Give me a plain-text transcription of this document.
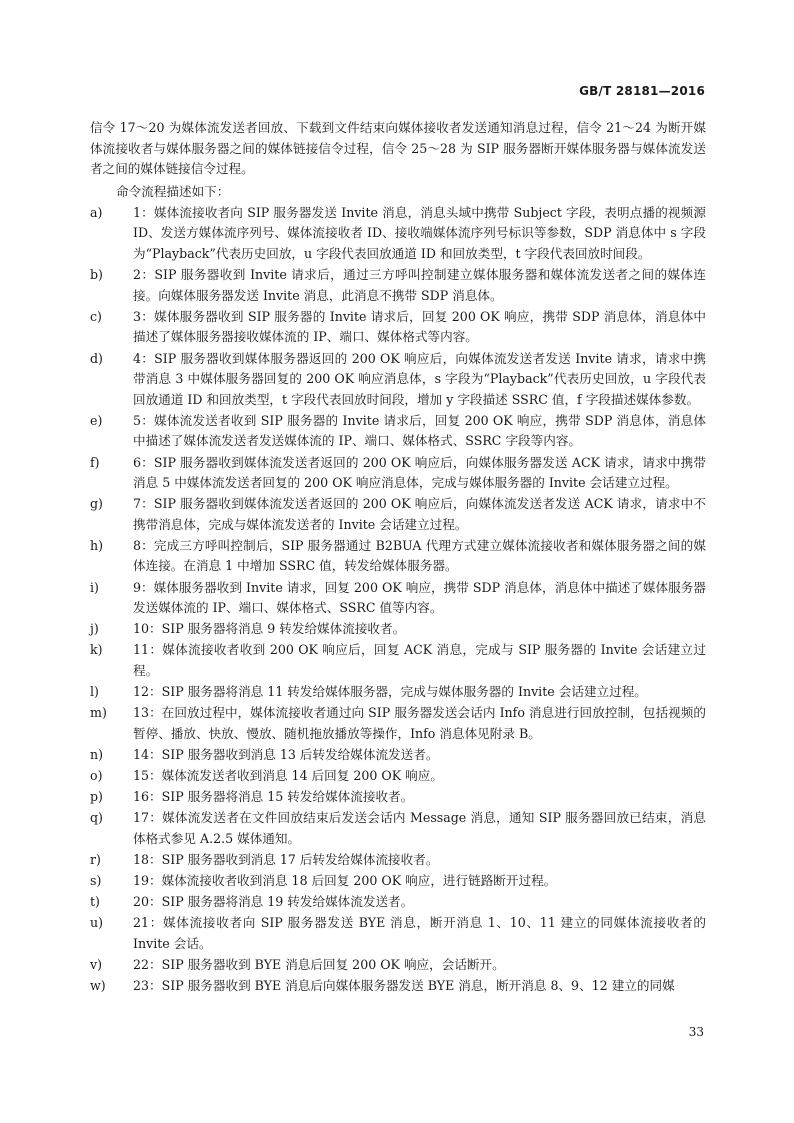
GB/T 28181—2016

信令 17～20 为媒体流发送者回放、下载到文件结束向媒体接收者发送通知消息过程，信令 21～24 为断开媒体流接收者与媒体服务器之间的媒体链接信令过程，信令 25～28 为 SIP 服务器断开媒体服务器与媒体流发送者之间的媒体链接信令过程。

命令流程描述如下：

a)	1：媒体流接收者向 SIP 服务器发送 Invite 消息，消息头域中携带 Subject 字段，表明点播的视频源 ID、发送方媒体流序列号、媒体流接收者 ID、接收端媒体流序列号标识等参数，SDP 消息体中 s 字段为“Playback”代表历史回放，u 字段代表回放通道 ID 和回放类型，t 字段代表回放时间段。
b)	2：SIP 服务器收到 Invite 请求后，通过三方呼叫控制建立媒体服务器和媒体流发送者之间的媒体连接。向媒体服务器发送 Invite 消息，此消息不携带 SDP 消息体。
c)	3：媒体服务器收到 SIP 服务器的 Invite 请求后，回复 200 OK 响应，携带 SDP 消息体，消息体中描述了媒体服务器接收媒体流的 IP、端口、媒体格式等内容。
d)	4：SIP 服务器收到媒体服务器返回的 200 OK 响应后，向媒体流发送者发送 Invite 请求，请求中携带消息 3 中媒体服务器回复的 200 OK 响应消息体，s 字段为“Playback”代表历史回放，u 字段代表回放通道 ID 和回放类型，t 字段代表回放时间段，增加 y 字段描述 SSRC 值，f 字段描述媒体参数。
e)	5：媒体流发送者收到 SIP 服务器的 Invite 请求后，回复 200 OK 响应，携带 SDP 消息体，消息体中描述了媒体流发送者发送媒体流的 IP、端口、媒体格式、SSRC 字段等内容。
f)	6：SIP 服务器收到媒体流发送者返回的 200 OK 响应后，向媒体服务器发送 ACK 请求，请求中携带消息 5 中媒体流发送者回复的 200 OK 响应消息体，完成与媒体服务器的 Invite 会话建立过程。
g)	7：SIP 服务器收到媒体流发送者返回的 200 OK 响应后，向媒体流发送者发送 ACK 请求，请求中不携带消息体，完成与媒体流发送者的 Invite 会话建立过程。
h)	8：完成三方呼叫控制后，SIP 服务器通过 B2BUA 代理方式建立媒体流接收者和媒体服务器之间的媒体连接。在消息 1 中增加 SSRC 值，转发给媒体服务器。
i)	9：媒体服务器收到 Invite 请求，回复 200 OK 响应，携带 SDP 消息体，消息体中描述了媒体服务器发送媒体流的 IP、端口、媒体格式、SSRC 值等内容。
j)	10：SIP 服务器将消息 9 转发给媒体流接收者。
k)	11：媒体流接收者收到 200 OK 响应后，回复 ACK 消息，完成与 SIP 服务器的 Invite 会话建立过程。
l)	12：SIP 服务器将消息 11 转发给媒体服务器，完成与媒体服务器的 Invite 会话建立过程。
m)	13：在回放过程中，媒体流接收者通过向 SIP 服务器发送会话内 Info 消息进行回放控制，包括视频的暂停、播放、快放、慢放、随机拖放播放等操作，Info 消息体见附录 B。
n)	14：SIP 服务器收到消息 13 后转发给媒体流发送者。
o)	15：媒体流发送者收到消息 14 后回复 200 OK 响应。
p)	16：SIP 服务器将消息 15 转发给媒体流接收者。
q)	17：媒体流发送者在文件回放结束后发送会话内 Message 消息，通知 SIP 服务器回放已结束，消息体格式参见 A.2.5 媒体通知。
r)	18：SIP 服务器收到消息 17 后转发给媒体流接收者。
s)	19：媒体流接收者收到消息 18 后回复 200 OK 响应，进行链路断开过程。
t)	20：SIP 服务器将消息 19 转发给媒体流发送者。
u)	21：媒体流接收者向 SIP 服务器发送 BYE 消息，断开消息 1、10、11 建立的同媒体流接收者的 Invite 会话。
v)	22：SIP 服务器收到 BYE 消息后回复 200 OK 响应，会话断开。
w)	23：SIP 服务器收到 BYE 消息后向媒体服务器发送 BYE 消息，断开消息 8、9、12 建立的同媒

33
